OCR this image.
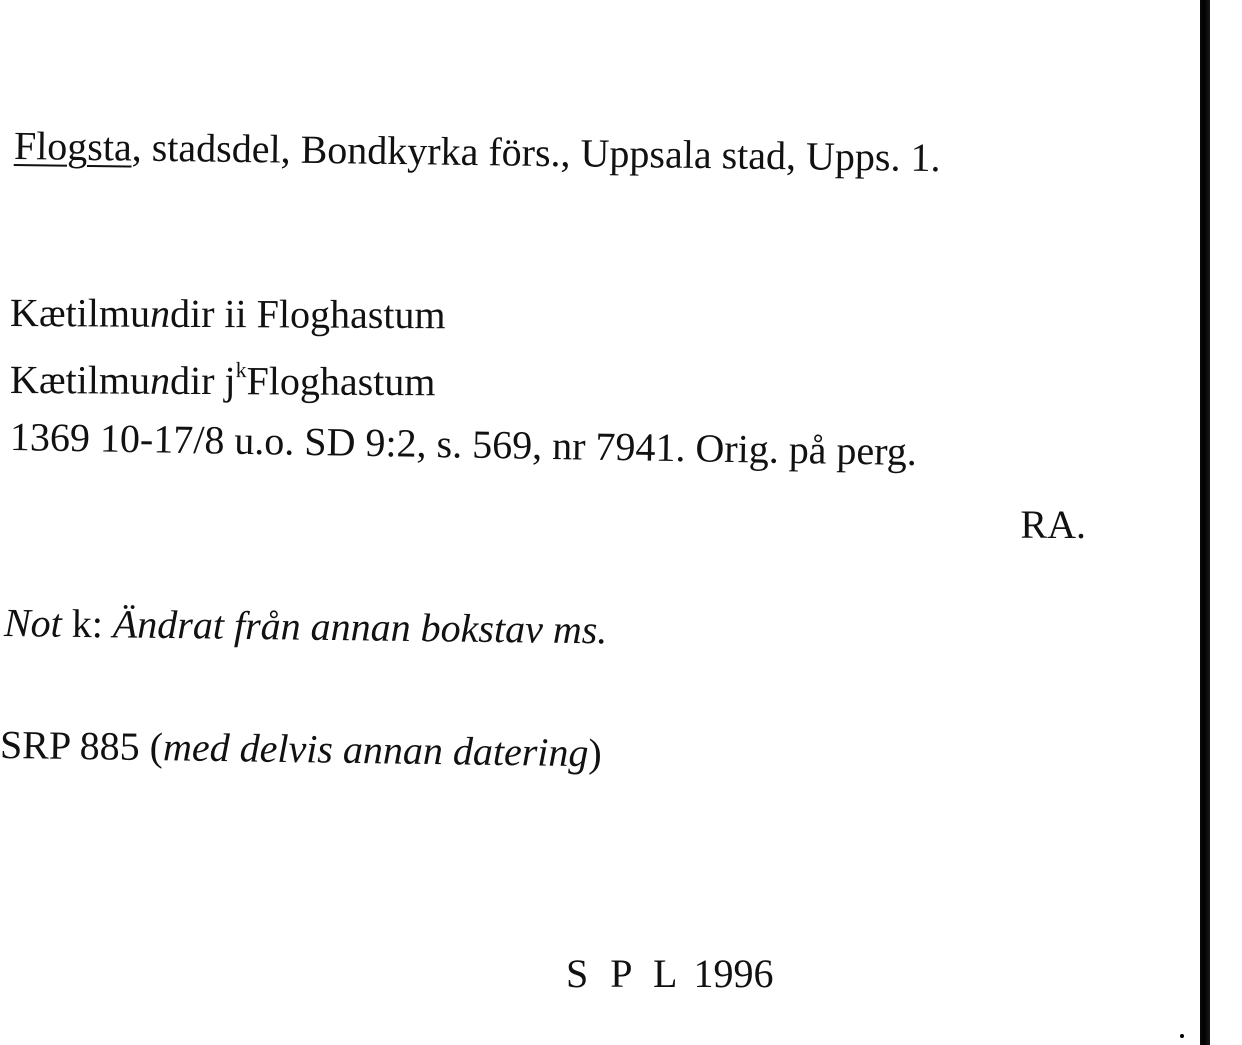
Flogsta, stadsdel, Bondkyrka förs., Uppsala stad, Upps. 1.
Kætilmundir ii Floghastum
Kætilmundir $j^kFloghastum$
1369 10-17/8 u.o. SD 9:2, s. 569, nr 7941. Orig. på perg.
RA.
Not k: Ändrat från annan bokstav ms.
SRP 885 (med delvis annan datering)
S P L 1996
